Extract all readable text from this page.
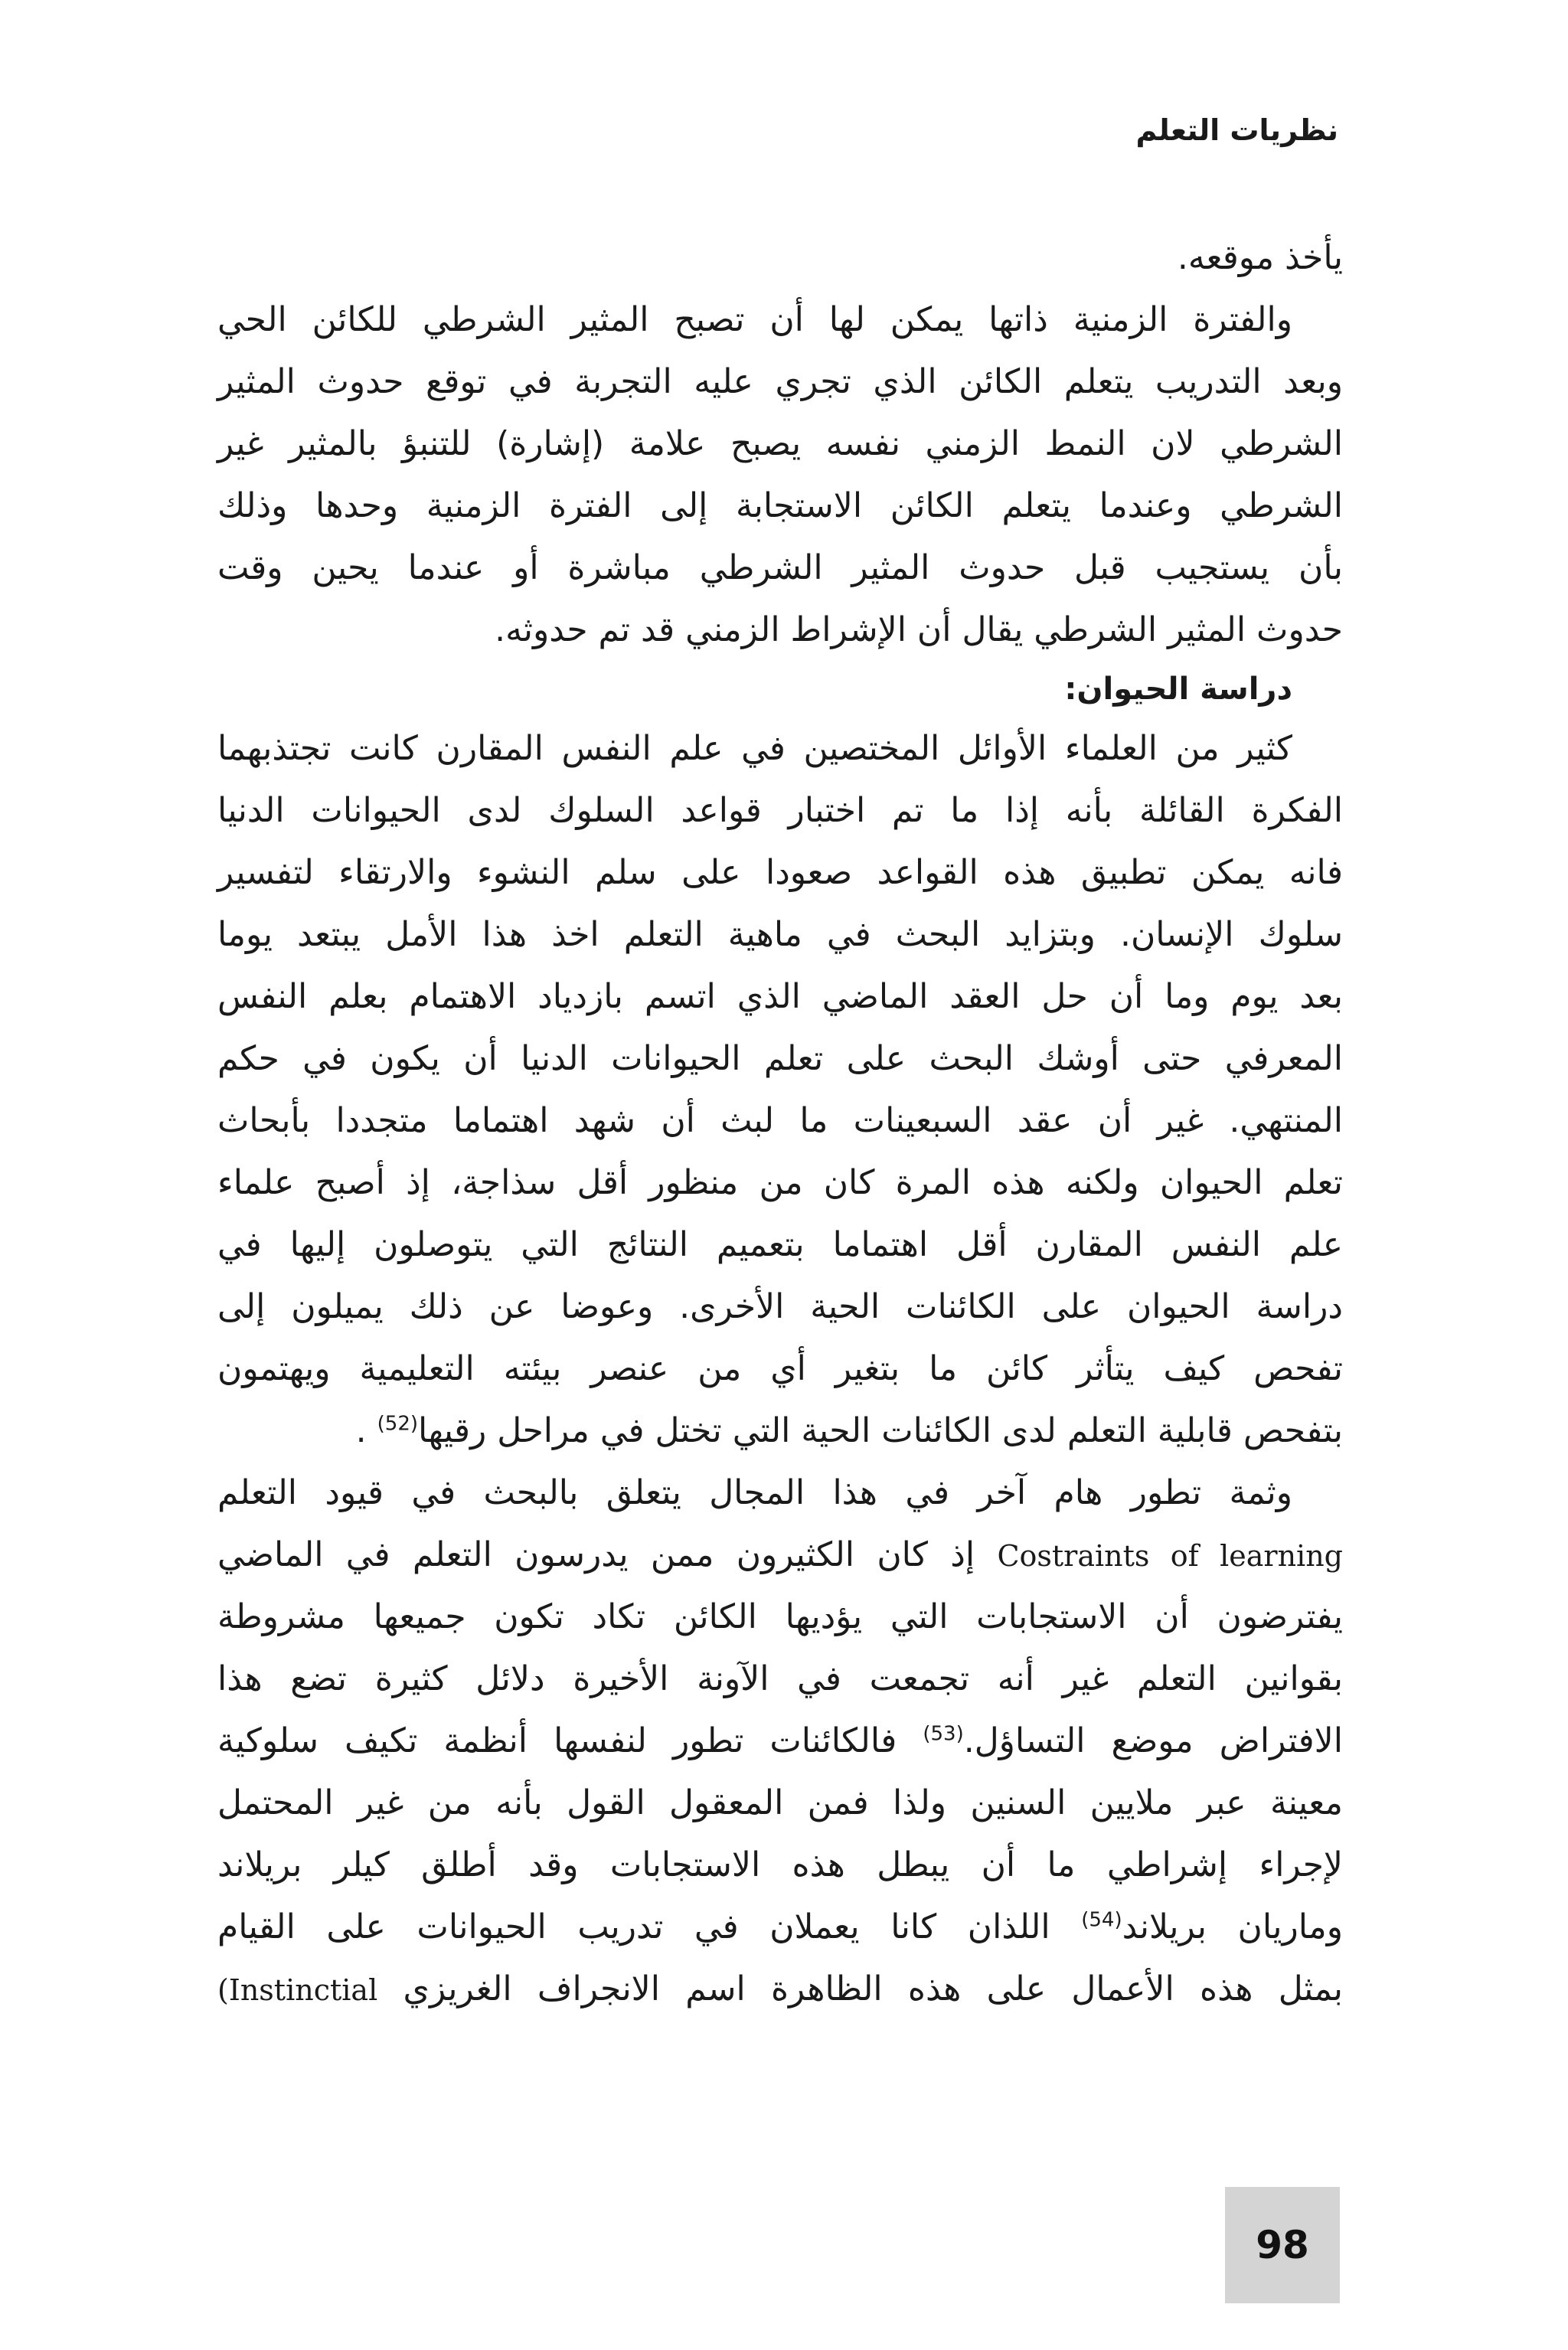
نظريات التعلم
يأخذ موقعه.
والفترة الزمنية ذاتها يمكن لها أن تصبح المثير الشرطي للكائن الحي
وبعد التدريب يتعلم الكائن الذي تجري عليه التجربة في توقع حدوث المثير
الشرطي لان النمط الزمني نفسه يصبح علامة (إشارة) للتنبؤ بالمثير غير
الشرطي وعندما يتعلم الكائن الاستجابة إلى الفترة الزمنية وحدها وذلك
بأن يستجيب قبل حدوث المثير الشرطي مباشرة أو عندما يحين وقت
حدوث المثير الشرطي يقال أن الإشراط الزمني قد تم حدوثه.
دراسة الحيوان:
كثير من العلماء الأوائل المختصين في علم النفس المقارن كانت تجتذبهما
الفكرة القائلة بأنه إذا ما تم اختبار قواعد السلوك لدى الحيوانات الدنيا
فانه يمكن تطبيق هذه القواعد صعودا على سلم النشوء والارتقاء لتفسير
سلوك الإنسان. وبتزايد البحث في ماهية التعلم اخذ هذا الأمل يبتعد يوما
بعد يوم وما أن حل العقد الماضي الذي اتسم بازدياد الاهتمام بعلم النفس
المعرفي حتى أوشك البحث على تعلم الحيوانات الدنيا أن يكون في حكم
المنتهي. غير أن عقد السبعينات ما لبث أن شهد اهتماما متجددا بأبحاث
تعلم الحيوان ولكنه هذه المرة كان من منظور أقل سذاجة، إذ أصبح علماء
علم النفس المقارن أقل اهتماما بتعميم النتائج التي يتوصلون إليها في
دراسة الحيوان على الكائنات الحية الأخرى. وعوضا عن ذلك يميلون إلى
تفحص كيف يتأثر كائن ما بتغير أي من عنصر بيئته التعليمية ويهتمون
بتفحص قابلية التعلم لدى الكائنات الحية التي تختل في مراحل رقيها$^{(52)}$ .
وثمة تطور هام آخر في هذا المجال يتعلق بالبحث في قيود التعلم
Costraints of learning إذ كان الكثيرون ممن يدرسون التعلم في الماضي
يفترضون أن الاستجابات التي يؤديها الكائن تكاد تكون جميعها مشروطة
بقوانين التعلم غير أنه تجمعت في الآونة الأخيرة دلائل كثيرة تضع هذا
الافتراض موضع التساؤل.$^{(53)}$ فالكائنات تطور لنفسها أنظمة تكيف سلوكية
معينة عبر ملايين السنين ولذا فمن المعقول القول بأنه من غير المحتمل
لإجراء إشراطي ما أن يبطل هذه الاستجابات وقد أطلق كيلر بريلاند
وماريان بريلاند$^{(54)}$ اللذان كانا يعملان في تدريب الحيوانات على القيام
بمثل هذه الأعمال على هذه الظاهرة اسم الانجراف الغريزي (Instinctial
98
